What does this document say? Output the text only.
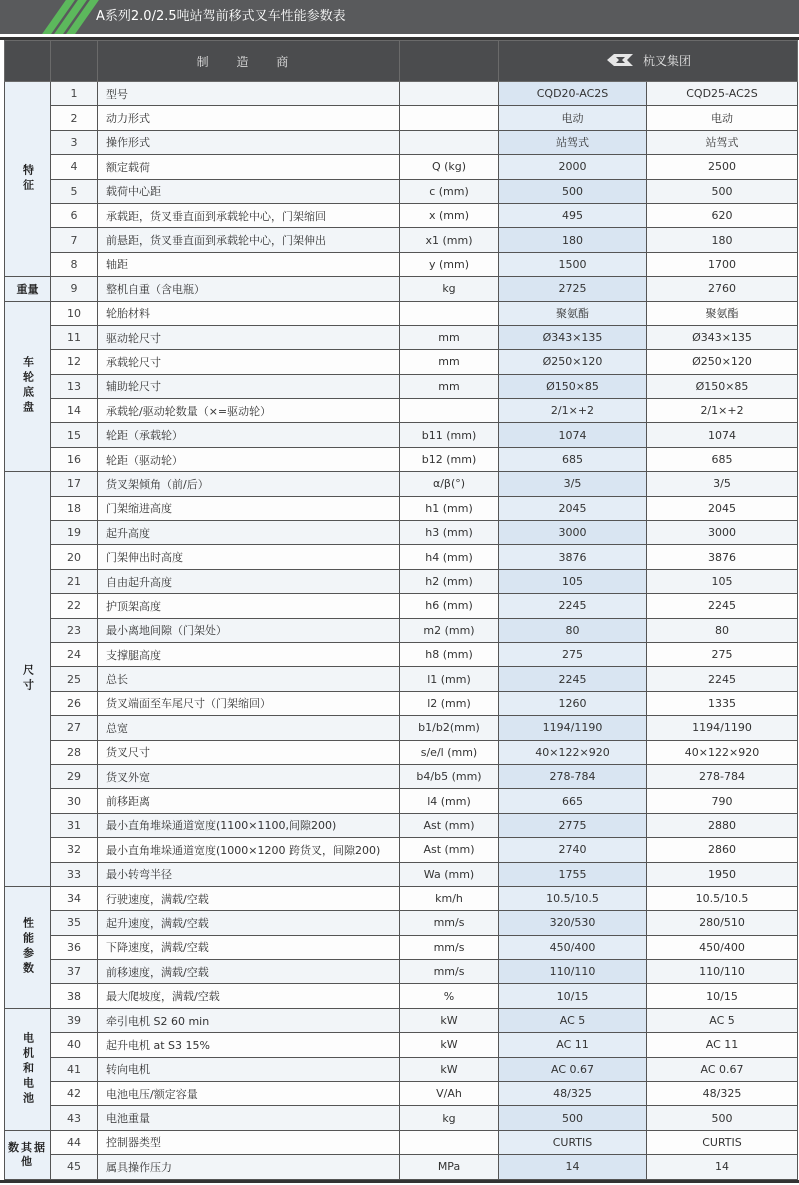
A系列2.0/2.5吨站驾前移式叉车性能参数表
		制 造 商		杭叉集团	

特征	1	型号		CQD20-AC2S	CQD25-AC2S
	2	动力形式		电动	电动
	3	操作形式		站驾式	站驾式
	4	额定载荷	Q (kg)	2000	2500
	5	载荷中心距	c (mm)	500	500
	6	承载距，货叉垂直面到承载轮中心，门架缩回	x (mm)	495	620
	7	前悬距，货叉垂直面到承载轮中心，门架伸出	x1 (mm)	180	180
	8	轴距	y (mm)	1500	1700
重量	9	整机自重（含电瓶）	kg	2725	2760
车轮底盘	10	轮胎材料		聚氨酯	聚氨酯
	11	驱动轮尺寸	mm	Ø343×135	Ø343×135
	12	承载轮尺寸	mm	Ø250×120	Ø250×120
	13	辅助轮尺寸	mm	Ø150×85	Ø150×85
	14	承载轮/驱动轮数量（×=驱动轮）		2/1×+2	2/1×+2
	15	轮距（承载轮）	b11 (mm)	1074	1074
	16	轮距（驱动轮）	b12 (mm)	685	685
尺寸	17	货叉架倾角（前/后）	α/β(°)	3/5	3/5
	18	门架缩进高度	h1 (mm)	2045	2045
	19	起升高度	h3 (mm)	3000	3000
	20	门架伸出时高度	h4 (mm)	3876	3876
	21	自由起升高度	h2 (mm)	105	105
	22	护顶架高度	h6 (mm)	2245	2245
	23	最小离地间隙（门架处）	m2 (mm)	80	80
	24	支撑腿高度	h8 (mm)	275	275
	25	总长	l1 (mm)	2245	2245
	26	货叉端面至车尾尺寸（门架缩回）	l2 (mm)	1260	1335
	27	总宽	b1/b2(mm)	1194/1190	1194/1190
	28	货叉尺寸	s/e/l (mm)	40×122×920	40×122×920
	29	货叉外宽	b4/b5 (mm)	278-784	278-784
	30	前移距离	l4 (mm)	665	790
	31	最小直角堆垛通道宽度(1100×1100,间隙200)	Ast (mm)	2775	2880
	32	最小直角堆垛通道宽度(1000×1200 跨货叉，间隙200)	Ast (mm)	2740	2860
	33	最小转弯半径	Wa (mm)	1755	1950
性能参数	34	行驶速度，满载/空载	km/h	10.5/10.5	10.5/10.5
	35	起升速度，满载/空载	mm/s	320/530	280/510
	36	下降速度，满载/空载	mm/s	450/400	450/400
	37	前移速度，满载/空载	mm/s	110/110	110/110
	38	最大爬坡度，满载/空载	%	10/15	10/15
电机和电池	39	牵引电机 S2 60 min	kW	AC 5	AC 5
	40	起升电机 at S3 15%	kW	AC 11	AC 11
	41	转向电机	kW	AC 0.67	AC 0.67
	42	电池电压/额定容量	V/Ah	48/325	48/325
	43	电池重量	kg	500	500
数其据他	44	控制器类型		CURTIS	CURTIS
	45	属具操作压力	MPa	14	14
